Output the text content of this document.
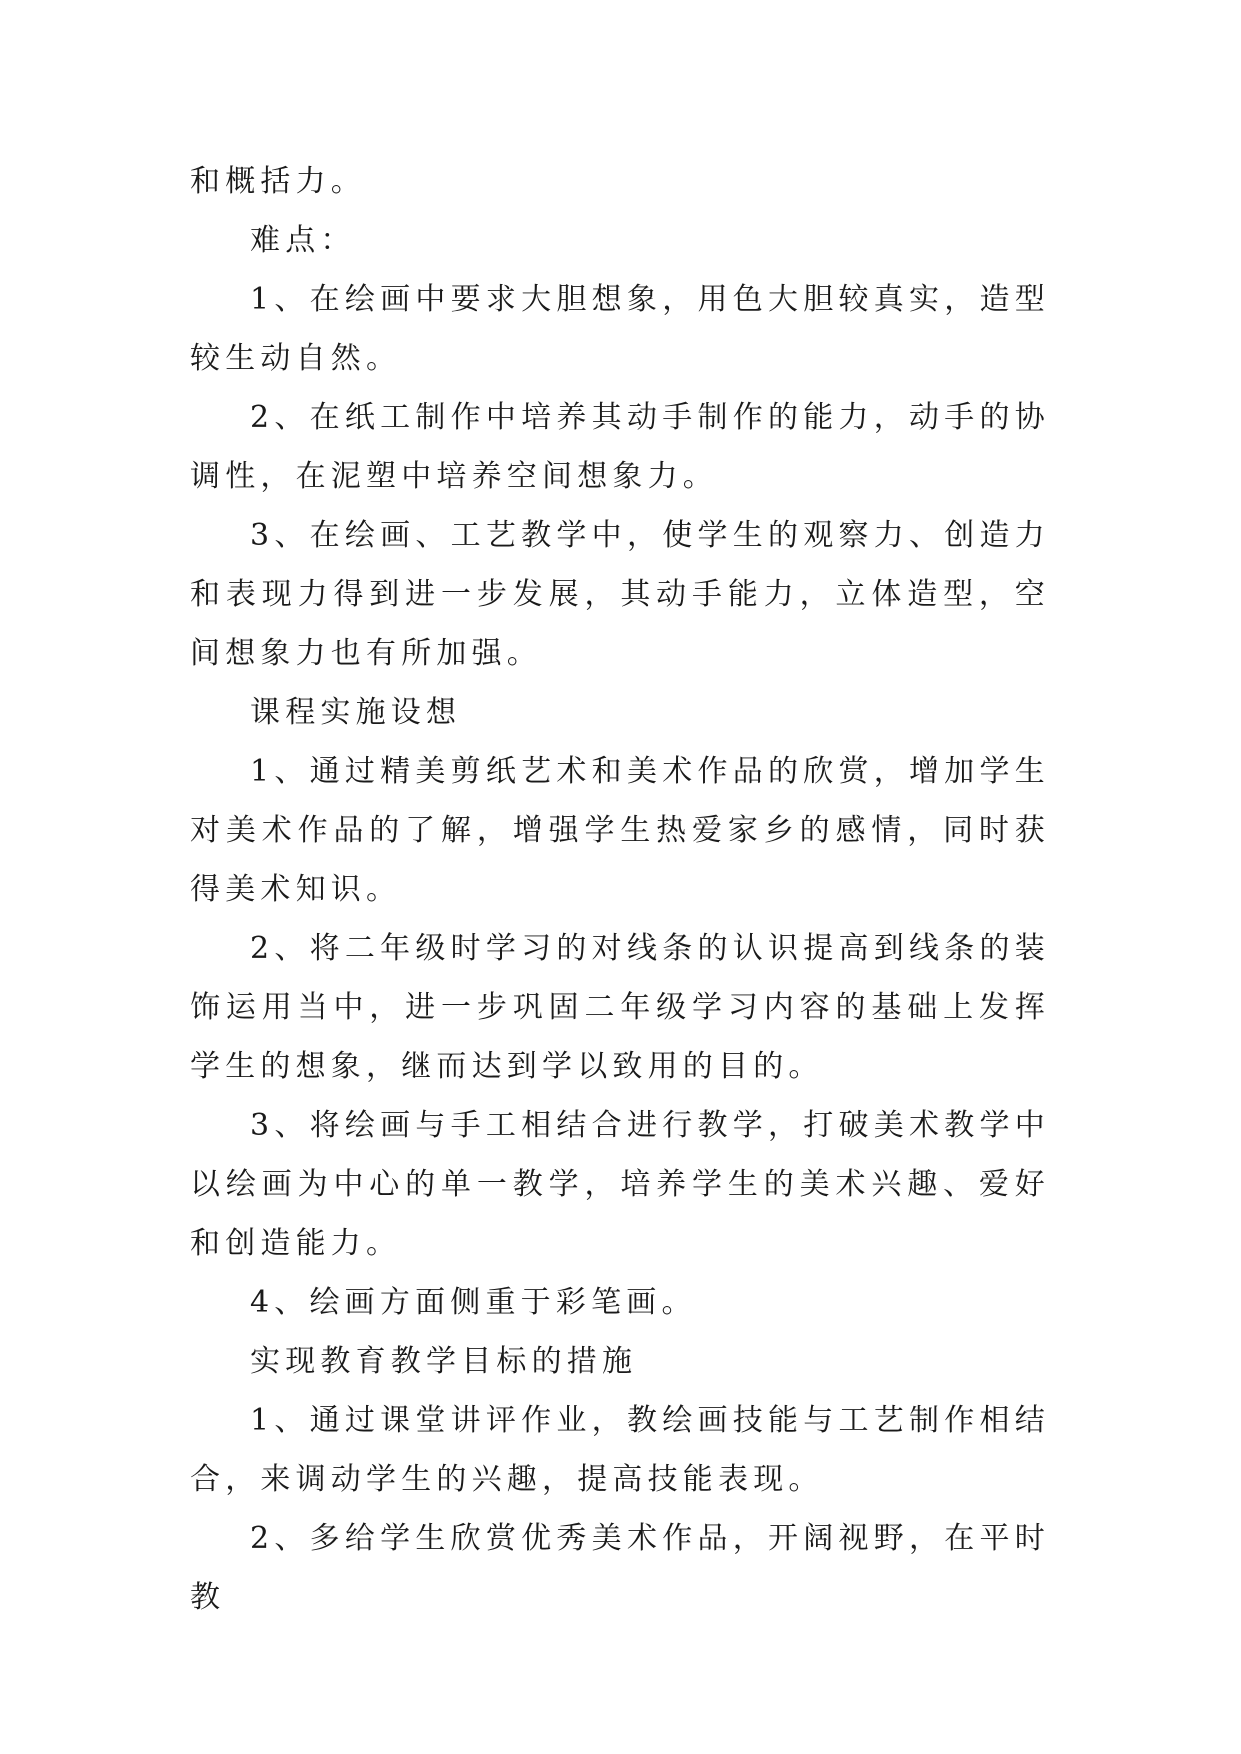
和概括力。

难点：

1、在绘画中要求大胆想象，用色大胆较真实，造型较生动自然。

2、在纸工制作中培养其动手制作的能力，动手的协调性，在泥塑中培养空间想象力。

3、在绘画、工艺教学中，使学生的观察力、创造力和表现力得到进一步发展，其动手能力，立体造型，空间想象力也有所加强。

课程实施设想

1、通过精美剪纸艺术和美术作品的欣赏，增加学生对美术作品的了解，增强学生热爱家乡的感情，同时获得美术知识。

2、将二年级时学习的对线条的认识提高到线条的装饰运用当中，进一步巩固二年级学习内容的基础上发挥学生的想象，继而达到学以致用的目的。

3、将绘画与手工相结合进行教学，打破美术教学中以绘画为中心的单一教学，培养学生的美术兴趣、爱好和创造能力。

4、绘画方面侧重于彩笔画。

实现教育教学目标的措施

1、通过课堂讲评作业，教绘画技能与工艺制作相结合，来调动学生的兴趣，提高技能表现。

2、多给学生欣赏优秀美术作品，开阔视野，在平时教
